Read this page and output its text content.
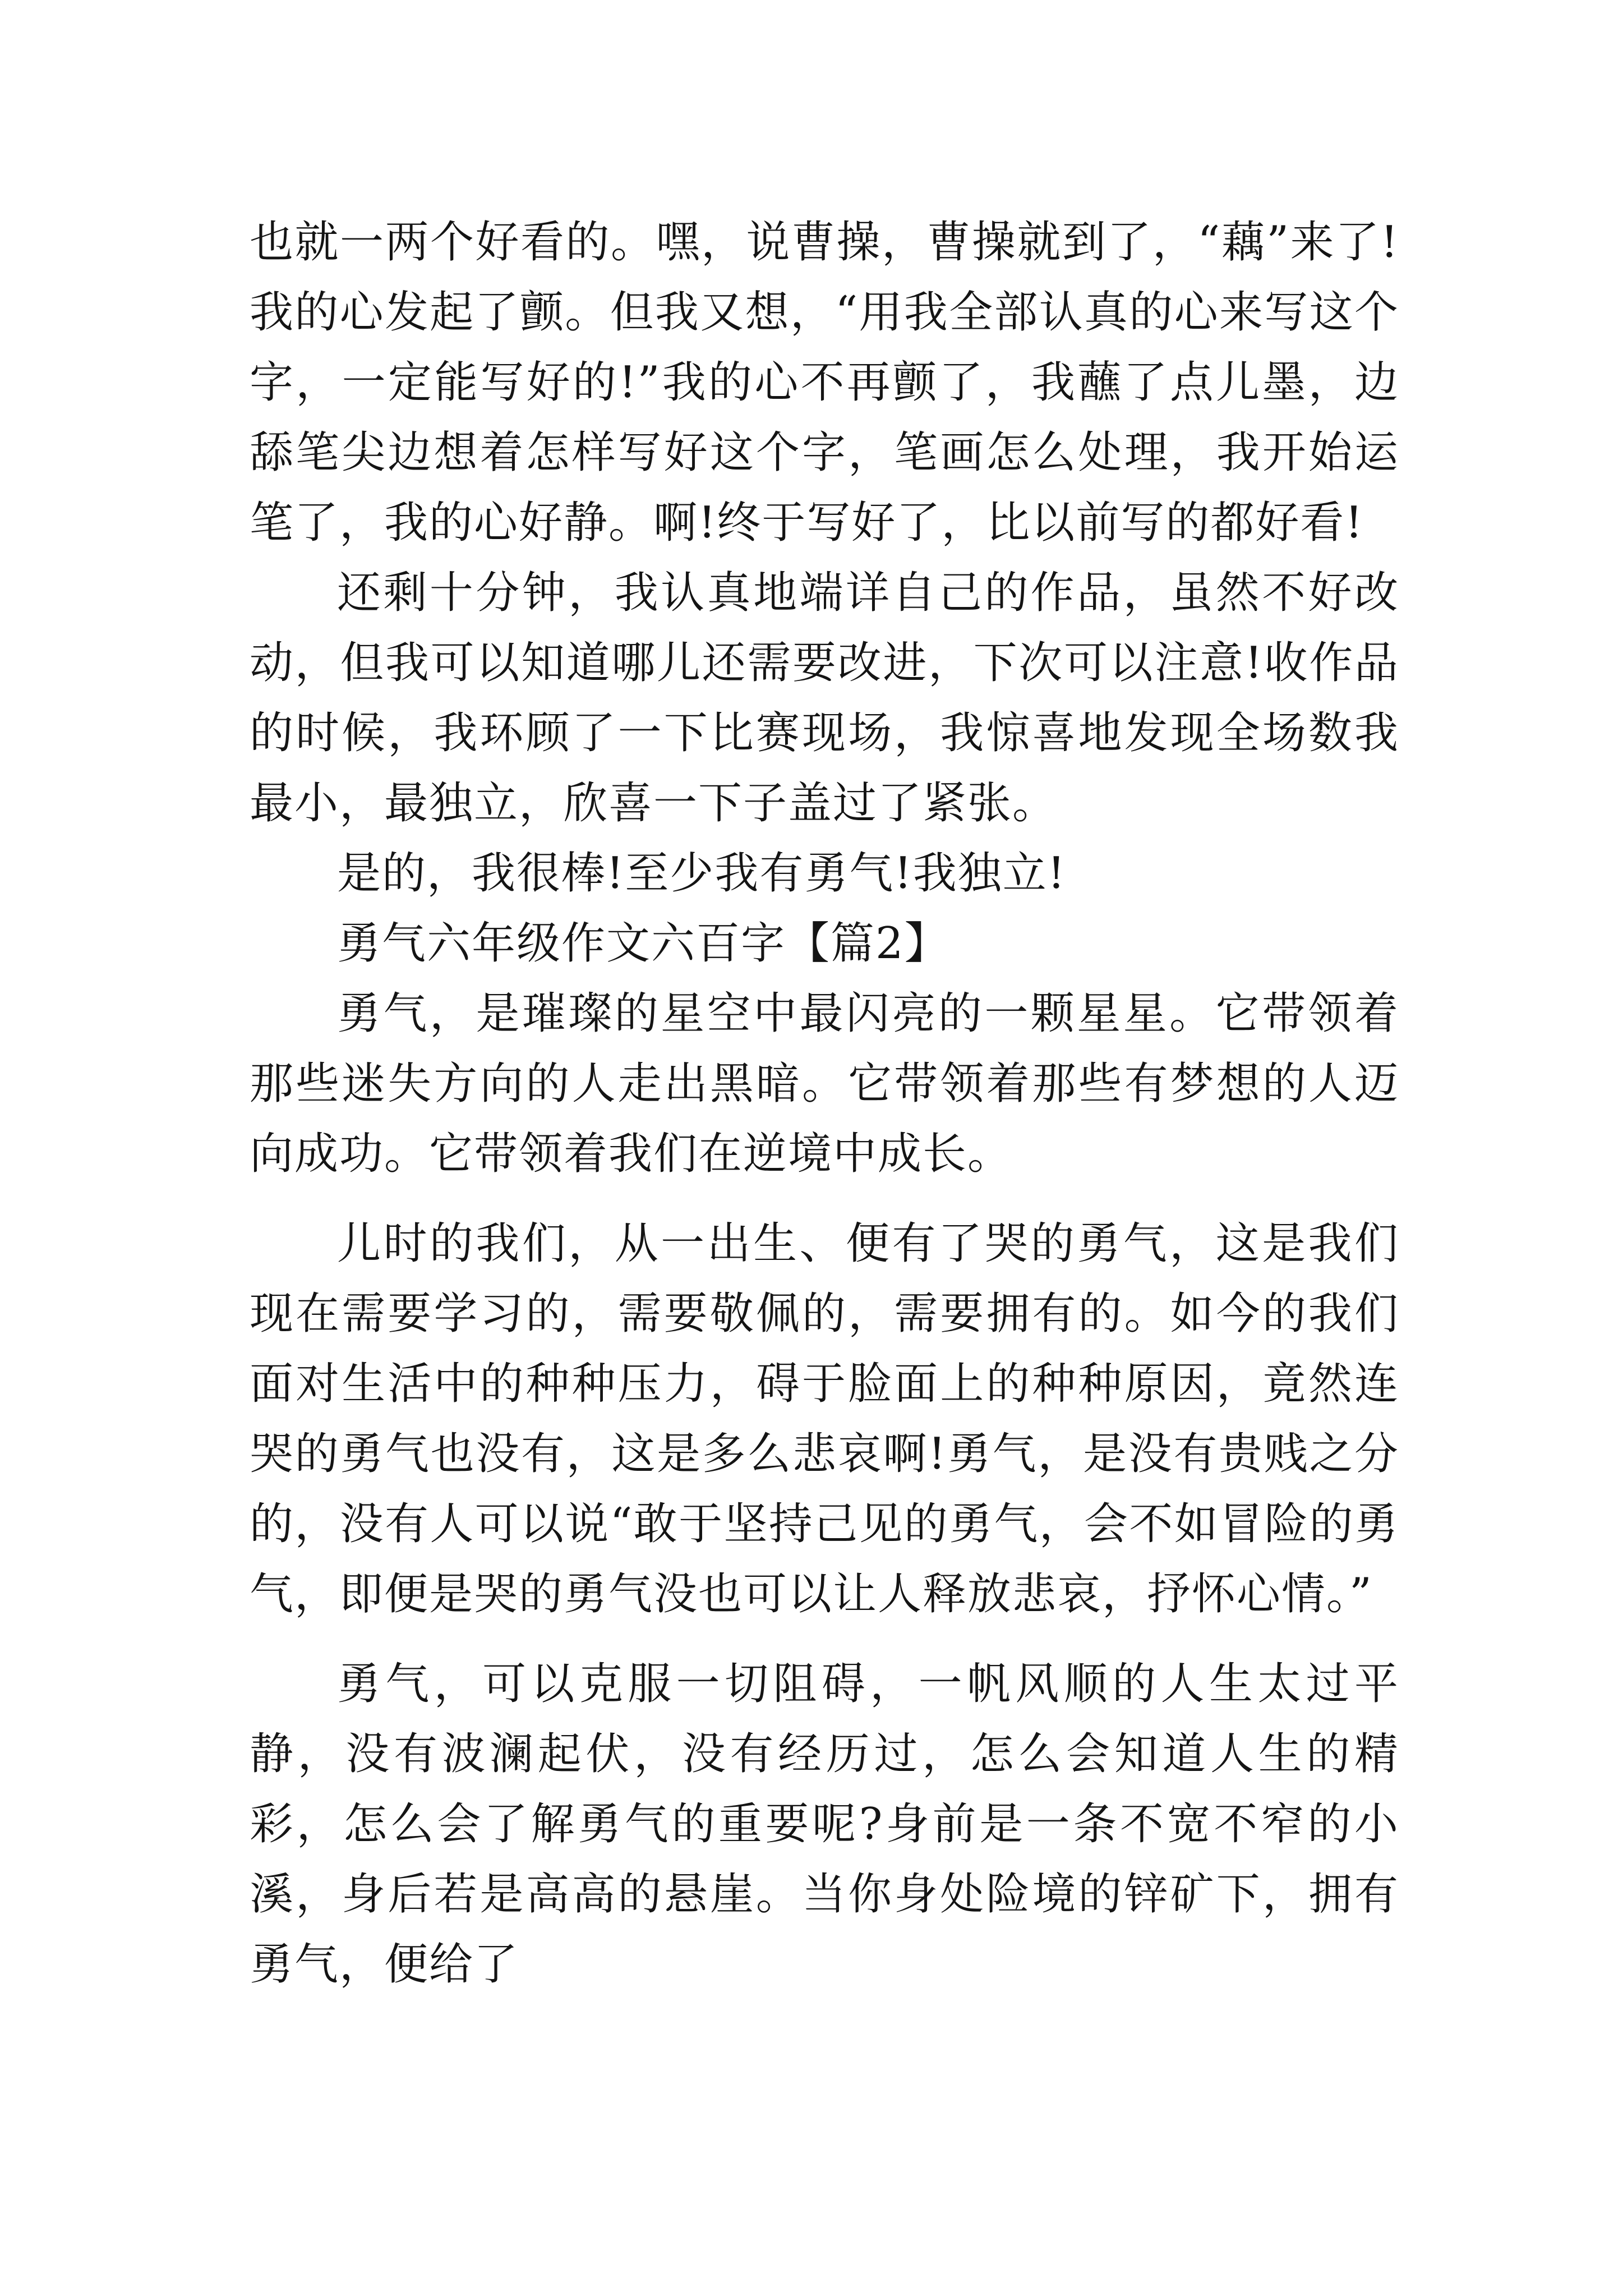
也就一两个好看的。嘿，说曹操，曹操就到了，“藕”来了!我的心发起了颤。但我又想，“用我全部认真的心来写这个字，一定能写好的!”我的心不再颤了，我蘸了点儿墨，边舔笔尖边想着怎样写好这个字，笔画怎么处理，我开始运笔了，我的心好静。啊!终于写好了，比以前写的都好看!

还剩十分钟，我认真地端详自己的作品，虽然不好改动，但我可以知道哪儿还需要改进，下次可以注意!收作品的时候，我环顾了一下比赛现场，我惊喜地发现全场数我最小，最独立，欣喜一下子盖过了紧张。

是的，我很棒!至少我有勇气!我独立!

勇气六年级作文六百字【篇2】

勇气，是璀璨的星空中最闪亮的一颗星星。它带领着那些迷失方向的人走出黑暗。它带领着那些有梦想的人迈向成功。它带领着我们在逆境中成长。

儿时的我们，从一出生、便有了哭的勇气，这是我们现在需要学习的，需要敬佩的，需要拥有的。如今的我们面对生活中的种种压力，碍于脸面上的种种原因，竟然连哭的勇气也没有，这是多么悲哀啊!勇气，是没有贵贱之分的，没有人可以说“敢于坚持己见的勇气，会不如冒险的勇气，即便是哭的勇气没也可以让人释放悲哀，抒怀心情。”

勇气，可以克服一切阻碍，一帆风顺的人生太过平静，没有波澜起伏，没有经历过，怎么会知道人生的精彩，怎么会了解勇气的重要呢?身前是一条不宽不窄的小溪，身后若是高高的悬崖。当你身处险境的锌矿下，拥有勇气，便给了
